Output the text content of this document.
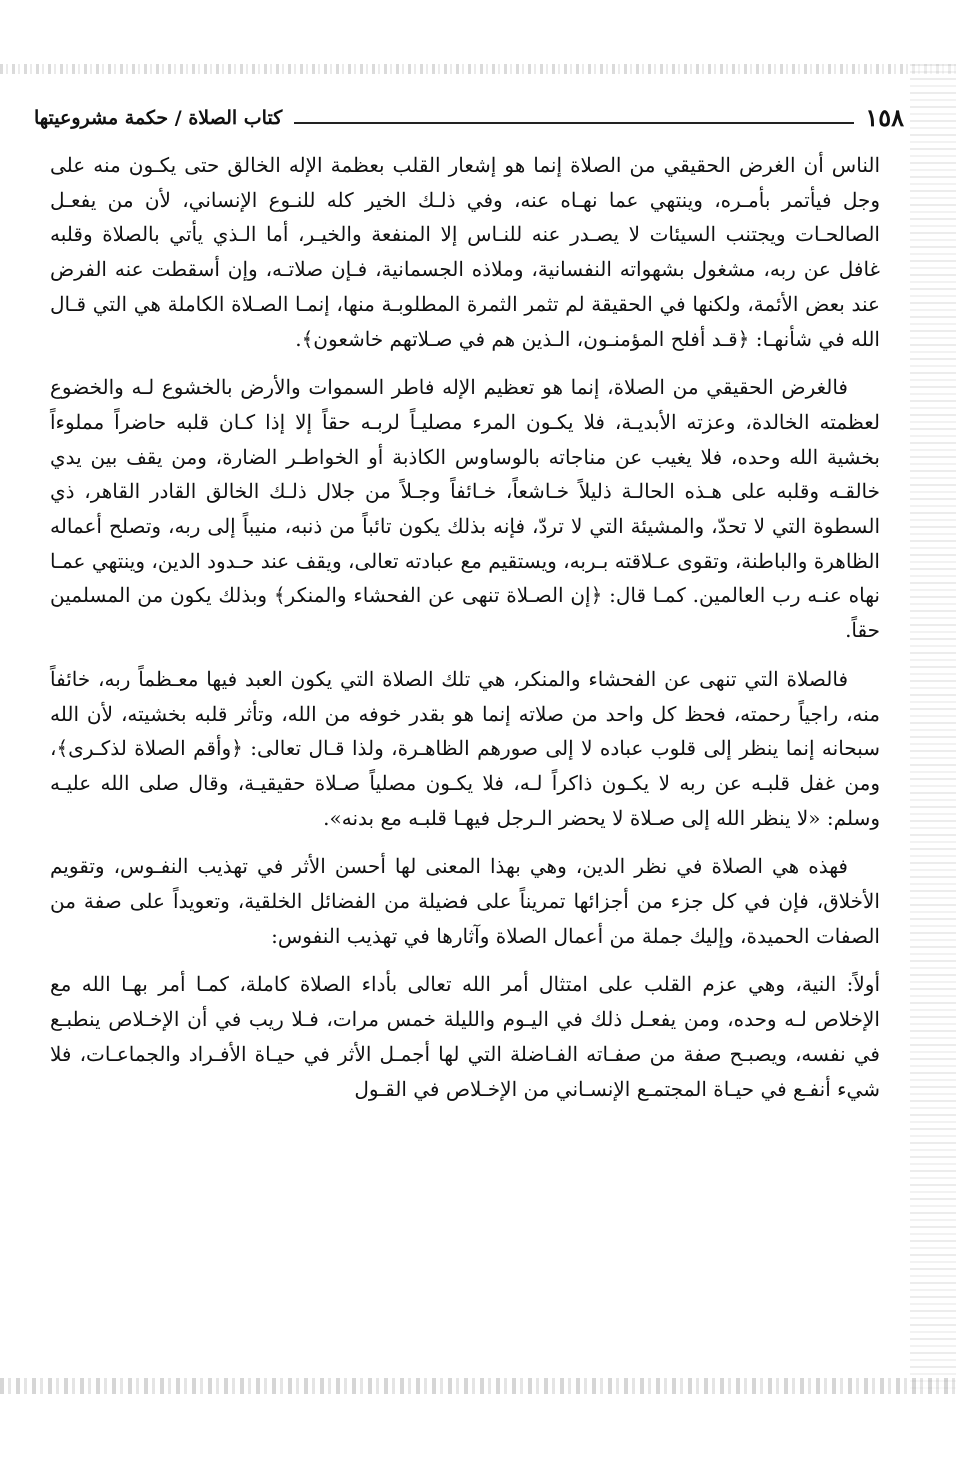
١٥٨
كتاب الصلاة / حكمة مشروعيتها

الناس أن الغرض الحقيقي من الصلاة إنما هو إشعار القلب بعظمة الإله الخالق حتى يكـون منه على وجل فيأتمر بأمـره، وينتهي عما نهـاه عنه، وفي ذلـك الخير كله للنـوع الإنساني، لأن من يفعـل الصالحـات ويجتنب السيئات لا يصـدر عنه للنـاس إلا المنفعة والخيـر، أما الـذي يأتي بالصلاة وقلبه غافل عن ربه، مشغول بشهواته النفسانية، وملاذه الجسمانية، فـإن صلاتـه، وإن أسقطت عنه الفرض عند بعض الأئمة، ولكنها في الحقيقة لم تثمر الثمرة المطلوبـة منها، إنمـا الصـلاة الكاملة هي التي قـال الله في شأنهـا: ﴿قـد أفلح المؤمنـون، الـذين هم في صـلاتهم خاشعون﴾.

فالغرض الحقيقي من الصلاة، إنما هو تعظيم الإله فاطر السموات والأرض بالخشوع لـه والخضوع لعظمته الخالدة، وعزته الأبديـة، فلا يكـون المرء مصليـاً لربـه حقاً إلا إذا كـان قلبه حاضراً مملوءاً بخشية الله وحده، فلا يغيب عن مناجاته بالوساوس الكاذبة أو الخواطـر الضارة، ومن يقف بين يدي خالقـه وقلبه على هـذه الحالـة ذليلاً خـاشعاً، خـائفاً وجـلاً من جلال ذلـك الخالق القادر القاهر، ذي السطوة التي لا تحدّ، والمشيئة التي لا تردّ، فإنه بذلك يكون تائباً من ذنبه، منيباً إلى ربه، وتصلح أعماله الظاهرة والباطنة، وتقوى عـلاقته بـربه، ويستقيم مع عبادته تعالى، ويقف عند حـدود الدين، وينتهي عمـا نهاه عنـه رب العالمين. كمـا قال: ﴿إن الصـلاة تنهى عن الفحشاء والمنكر﴾ وبذلك يكون من المسلمين حقاً.

فالصلاة التي تنهى عن الفحشاء والمنكر، هي تلك الصلاة التي يكون العبد فيها معـظماً ربه، خائفاً منه، راجياً رحمته، فحظ كل واحد من صلاته إنما هو بقدر خوفه من الله، وتأثر قلبه بخشيته، لأن الله سبحانه إنما ينظر إلى قلوب عباده لا إلى صورهم الظاهـرة، ولذا قـال تعالى: ﴿وأقم الصلاة لذكـرى﴾، ومن غفل قلبـه عن ربه لا يكـون ذاكراً لـه، فلا يكـون مصلياً صـلاة حقيقيـة، وقال صلى الله عليـه وسلم: «لا ينظر الله إلى صـلاة لا يحضر الـرجل فيهـا قلبـه مع بدنه».

فهذه هي الصلاة في نظر الدين، وهي بهذا المعنى لها أحسن الأثر في تهذيب النفـوس، وتقويم الأخلاق، فإن في كل جزء من أجزائها تمريناً على فضيلة من الفضائل الخلقية، وتعويداً على صفة من الصفات الحميدة، وإليك جملة من أعمال الصلاة وآثارها في تهذيب النفوس:

أولاً: النية، وهي عزم القلب على امتثال أمر الله تعالى بأداء الصلاة كاملة، كمـا أمر بهـا الله مع الإخلاص لـه وحده، ومن يفعـل ذلك في اليـوم والليلة خمس مرات، فـلا ريب في أن الإخـلاص ينطبـع في نفسه، ويصبـح صفة من صفـاته الفـاضلة التي لها أجمـل الأثر في حيـاة الأفـراد والجماعـات، فلا شيء أنفـع في حيـاة المجتمـع الإنسـاني من الإخـلاص في القـول
